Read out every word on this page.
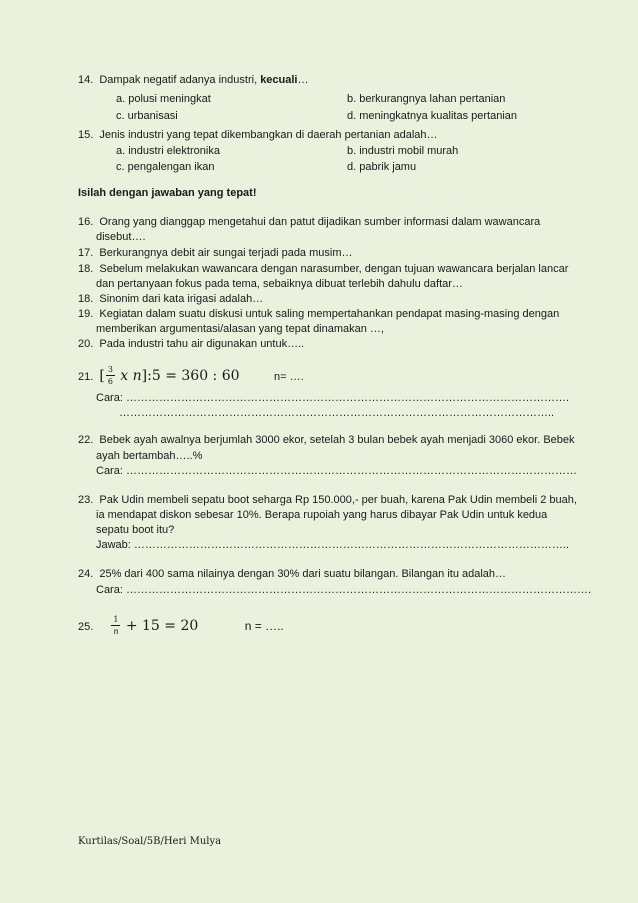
14. Dampak negatif adanya industri, kecuali…
a. polusi meningkat	b. berkurangnya lahan pertanian
c. urbanisasi	d. meningkatnya kualitas pertanian
15. Jenis industri yang tepat dikembangkan di daerah pertanian adalah…
a. industri elektronika	b. industri mobil murah
c. pengalengan ikan	d. pabrik jamu
Isilah dengan jawaban yang tepat!
16. Orang yang dianggap mengetahui dan patut dijadikan sumber informasi dalam wawancara
disebut….
17. Berkurangnya debit air sungai terjadi pada musim…
18. Sebelum melakukan wawancara dengan narasumber, dengan tujuan wawancara berjalan lancar
dan pertanyaan fokus pada tema, sebaiknya dibuat terlebih dahulu daftar…
18. Sinonim dari kata irigasi adalah…
19. Kegiatan dalam suatu diskusi untuk saling mempertahankan pendapat masing-masing dengan
memberikan argumentasi/alasan yang tepat dinamakan …,
20. Pada industri tahu air digunakan untuk…..
21. [ $\frac{3}{6}$ x n]:5 = 360 : 60	n= ….
Cara: ………………………………………………………………………………………………………….
………………………………………………………………………………………………………..
22. Bebek ayah awalnya berjumlah 3000 ekor, setelah 3 bulan bebek ayah menjadi 3060 ekor. Bebek
ayah bertambah…..%
Cara: ……………………………………………………………………………………………………………
23. Pak Udin membeli sepatu boot seharga Rp 150.000,- per buah, karena Pak Udin membeli 2 buah,
ia mendapat diskon sebesar 10%. Berapa rupoiah yang harus dibayar Pak Udin untuk kedua
sepatu boot itu?
Jawab: ………………………………………………………………………………………………………..
24. 25% dari 400 sama nilainya dengan 30% dari suatu bilangan. Bilangan itu adalah…
Cara: ……………………………………………………………………………………………………………….
25. $\frac{1}{n} + 15 = 20$	n = …..
Kurtilas/Soal/5B/Heri Mulya
